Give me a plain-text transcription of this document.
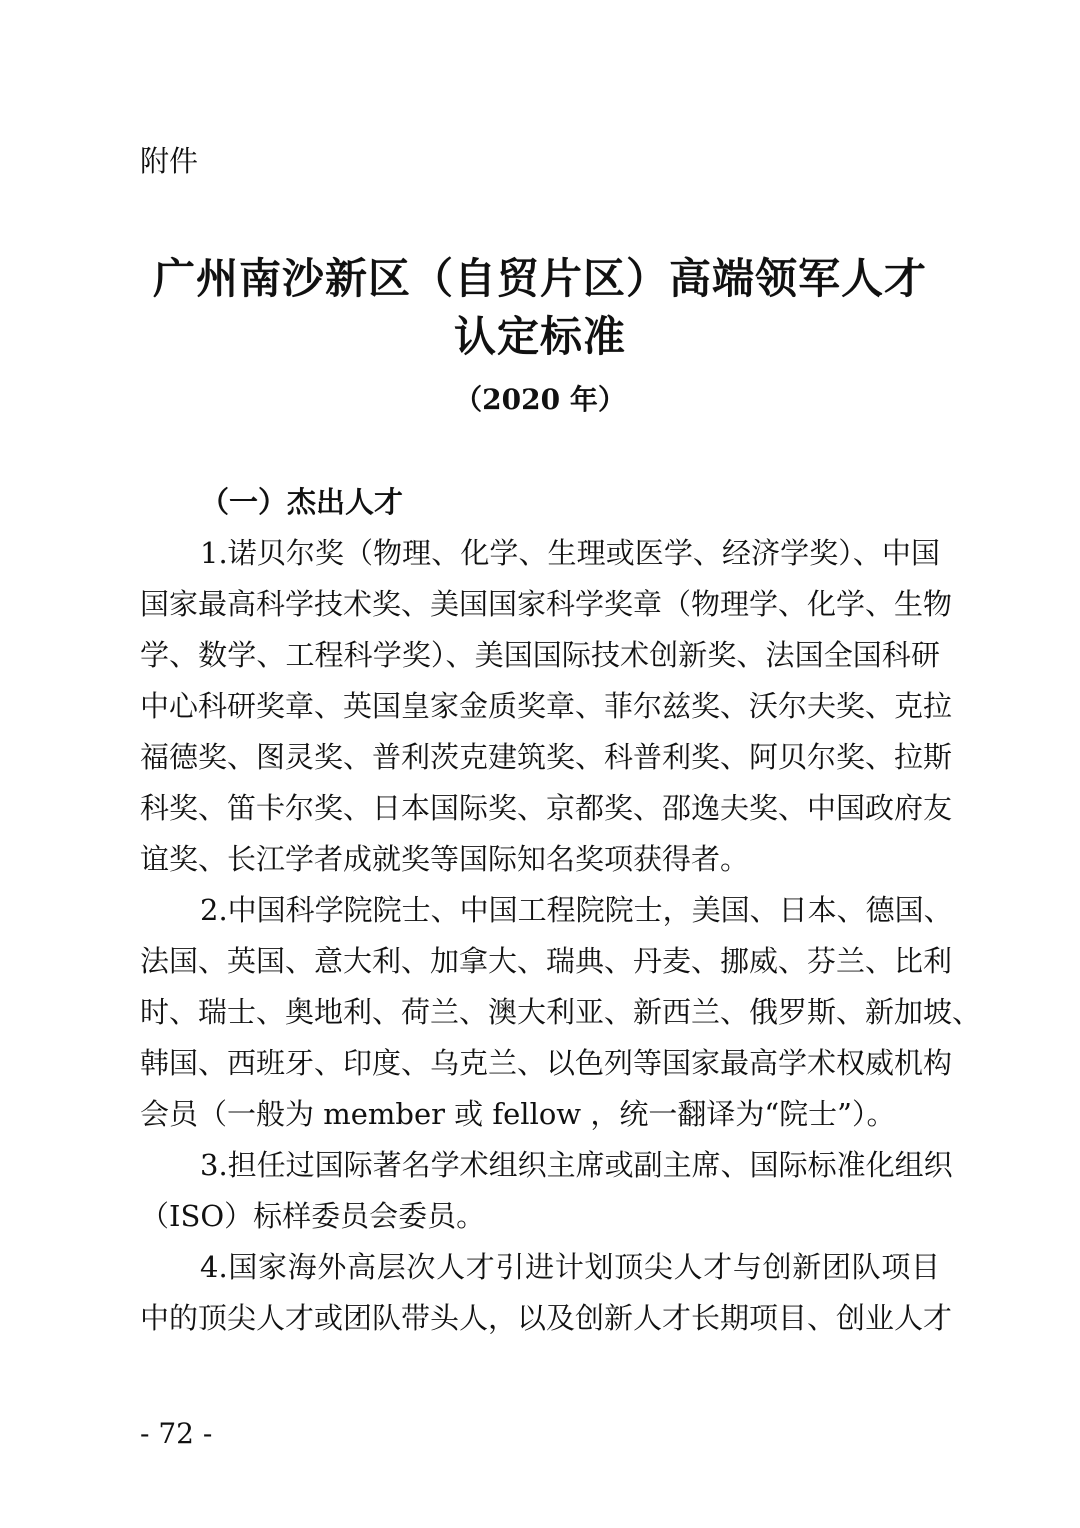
附件
广州南沙新区（自贸片区）高端领军人才
认定标准
（2020 年）
（一）杰出人才

1.诺贝尔奖（物理、化学、生理或医学、经济学奖）、中国

国家最高科学技术奖、美国国家科学奖章（物理学、化学、生物

学、数学、工程科学奖）、美国国际技术创新奖、法国全国科研

中心科研奖章、英国皇家金质奖章、菲尔兹奖、沃尔夫奖、克拉

福德奖、图灵奖、普利茨克建筑奖、科普利奖、阿贝尔奖、拉斯

科奖、笛卡尔奖、日本国际奖、京都奖、邵逸夫奖、中国政府友

谊奖、长江学者成就奖等国际知名奖项获得者。

2.中国科学院院士、中国工程院院士，美国、日本、德国、

法国、英国、意大利、加拿大、瑞典、丹麦、挪威、芬兰、比利

时、瑞士、奥地利、荷兰、澳大利亚、新西兰、俄罗斯、新加坡、

韩国、西班牙、印度、乌克兰、以色列等国家最高学术权威机构

会员（一般为 member 或 fellow ，统一翻译为“院士”）。

3.担任过国际著名学术组织主席或副主席、国际标准化组织

（ISO）标样委员会委员。

4.国家海外高层次人才引进计划顶尖人才与创新团队项目

中的顶尖人才或团队带头人，以及创新人才长期项目、创业人才

- 72 -
